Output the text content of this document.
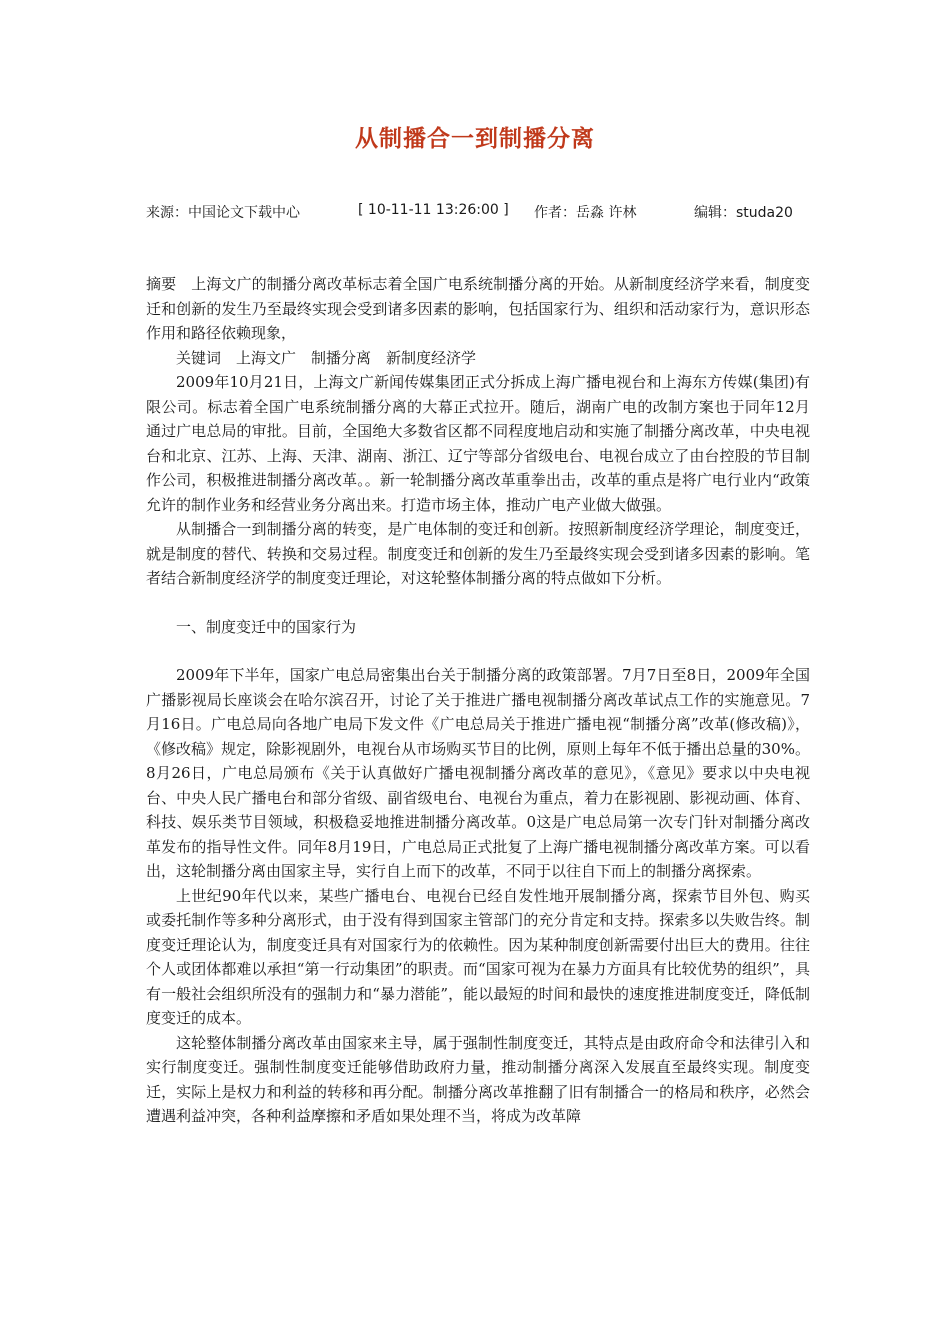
从制播合一到制播分离
来源：中国论文下载中心	[ 10-11-11 13:26:00 ] 作者：岳淼 许林	编辑：studa20

摘要　上海文广的制播分离改革标志着全国广电系统制播分离的开始。从新制度经济学来看，制度变迁和创新的发生乃至最终实现会受到诸多因素的影响，包括国家行为、组织和活动家行为，意识形态作用和路径依赖现象，

关键词　上海文广　制播分离　新制度经济学

2009年10月21日，上海文广新闻传媒集团正式分拆成上海广播电视台和上海东方传媒(集团)有限公司。标志着全国广电系统制播分离的大幕正式拉开。随后，湖南广电的改制方案也于同年12月通过广电总局的审批。目前，全国绝大多数省区都不同程度地启动和实施了制播分离改革，中央电视台和北京、江苏、上海、天津、湖南、浙江、辽宁等部分省级电台、电视台成立了由台控股的节目制作公司，积极推进制播分离改革。。新一轮制播分离改革重拳出击，改革的重点是将广电行业内“政策允许的制作业务和经营业务分离出来。打造市场主体，推动广电产业做大做强。

从制播合一到制播分离的转变，是广电体制的变迁和创新。按照新制度经济学理论，制度变迁，就是制度的替代、转换和交易过程。制度变迁和创新的发生乃至最终实现会受到诸多因素的影响。笔者结合新制度经济学的制度变迁理论，对这轮整体制播分离的特点做如下分析。

一、制度变迁中的国家行为

2009年下半年，国家广电总局密集出台关于制播分离的政策部署。7月7日至8日，2009年全国广播影视局长座谈会在哈尔滨召开，讨论了关于推进广播电视制播分离改革试点工作的实施意见。7月16日。广电总局向各地广电局下发文件《广电总局关于推进广播电视“制播分离”改革(修改稿)》，《修改稿》规定，除影视剧外，电视台从市场购买节目的比例，原则上每年不低于播出总量的30%。8月26日，广电总局颁布《关于认真做好广播电视制播分离改革的意见》，《意见》要求以中央电视台、中央人民广播电台和部分省级、副省级电台、电视台为重点，着力在影视剧、影视动画、体育、科技、娱乐类节目领域，积极稳妥地推进制播分离改革。0这是广电总局第一次专门针对制播分离改革发布的指导性文件。同年8月19日，广电总局正式批复了上海广播电视制播分离改革方案。可以看出，这轮制播分离由国家主导，实行自上而下的改革，不同于以往自下而上的制播分离探索。

上世纪90年代以来，某些广播电台、电视台已经自发性地开展制播分离，探索节目外包、购买或委托制作等多种分离形式，由于没有得到国家主管部门的充分肯定和支持。探索多以失败告终。制度变迁理论认为，制度变迁具有对国家行为的依赖性。因为某种制度创新需要付出巨大的费用。往往个人或团体都难以承担“第一行动集团”的职责。而“国家可视为在暴力方面具有比较优势的组织”，具有一般社会组织所没有的强制力和“暴力潜能”，能以最短的时间和最快的速度推进制度变迁，降低制度变迁的成本。

这轮整体制播分离改革由国家来主导，属于强制性制度变迁，其特点是由政府命令和法律引入和实行制度变迁。强制性制度变迁能够借助政府力量，推动制播分离深入发展直至最终实现。制度变迁，实际上是权力和利益的转移和再分配。制播分离改革推翻了旧有制播合一的格局和秩序，必然会遭遇利益冲突，各种利益摩擦和矛盾如果处理不当，将成为改革障
